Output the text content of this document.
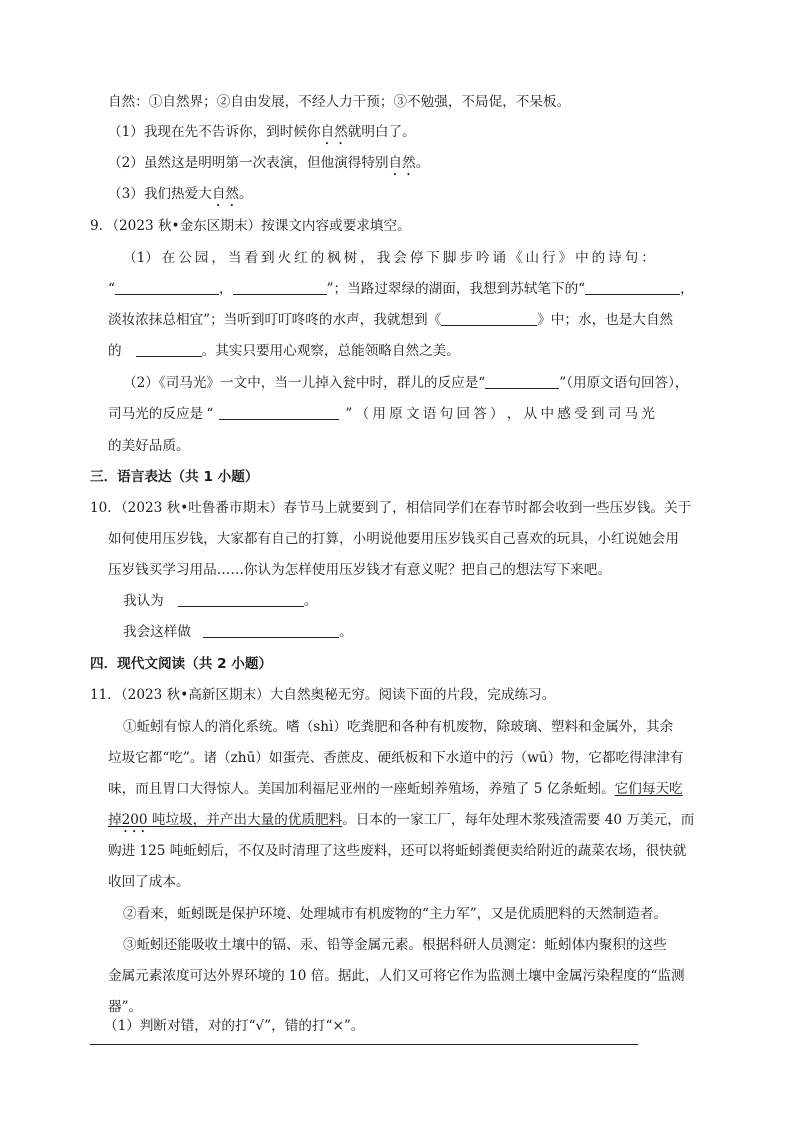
自然：①自然界；②自由发展，不经人力干预；③不勉强，不局促，不呆板。
（1）我现在先不告诉你，到时候你自然就明白了。
（2）虽然这是明明第一次表演，但他演得特别自然。
（3）我们热爱大自然。
9．（2023 秋•金东区期末）按课文内容或要求填空。
（1） 在 公 园 ， 当 看 到 火 红 的 枫 树 ， 我 会 停 下 脚 步 吟 诵 《 山 行 》 中 的 诗 句 ：
“	，	”；当路过翠绿的湖面，我想到苏轼笔下的“	，
淡妆浓抹总相宜”；当听到叮叮咚咚的水声，我就想到《	》中；水，也是大自然
的	。其实只要用心观察，总能领略自然之美。
（2）《司马光》一文中，当一儿掉入瓮中时，群儿的反应是“	”（用原文语句回答），
司马光的反应是 “	” （ 用 原 文 语 句 回 答 ） ， 从 中 感 受 到 司 马 光
的美好品质。
三．语言表达（共 1 小题）
10．（2023 秋•吐鲁番市期末）春节马上就要到了，相信同学们在春节时都会收到一些压岁钱。关于
如何使用压岁钱，大家都有自己的打算，小明说他要用压岁钱买自己喜欢的玩具，小红说她会用
压岁钱买学习用品……你认为怎样使用压岁钱才有意义呢？把自己的想法写下来吧。
我认为	。
我会这样做	。
四．现代文阅读（共 2 小题）
11．（2023 秋•高新区期末）大自然奥秘无穷。阅读下面的片段，完成练习。
①蚯蚓有惊人的消化系统。嗜（shì）吃粪肥和各种有机废物，除玻璃、塑料和金属外，其余
垃圾它都“吃”。诸（zhū）如蛋壳、香蔗皮、硬纸板和下水道中的污（wū）物，它都吃得津津有
味，而且胃口大得惊人。美国加利福尼亚州的一座蚯蚓养殖场，养殖了 5 亿条蚯蚓。它们每天吃
掉200 吨垃圾，并产出大量的优质肥料。日本的一家工厂，每年处理木浆残渣需要 40 万美元，而
购进 125 吨蚯蚓后，不仅及时清理了这些废料，还可以将蚯蚓粪便卖给附近的蔬菜农场，很快就
收回了成本。
②看来，蚯蚓既是保护环境、处理城市有机废物的“主力军”，又是优质肥料的天然制造者。
③蚯蚓还能吸收土壤中的镉、汞、铅等金属元素。根据科研人员测定：蚯蚓体内聚积的这些
金属元素浓度可达外界环境的 10 倍。据此，人们又可将它作为监测土壤中金属污染程度的“监测
器”。
（1）判断对错，对的打“√”，错的打“×”。
